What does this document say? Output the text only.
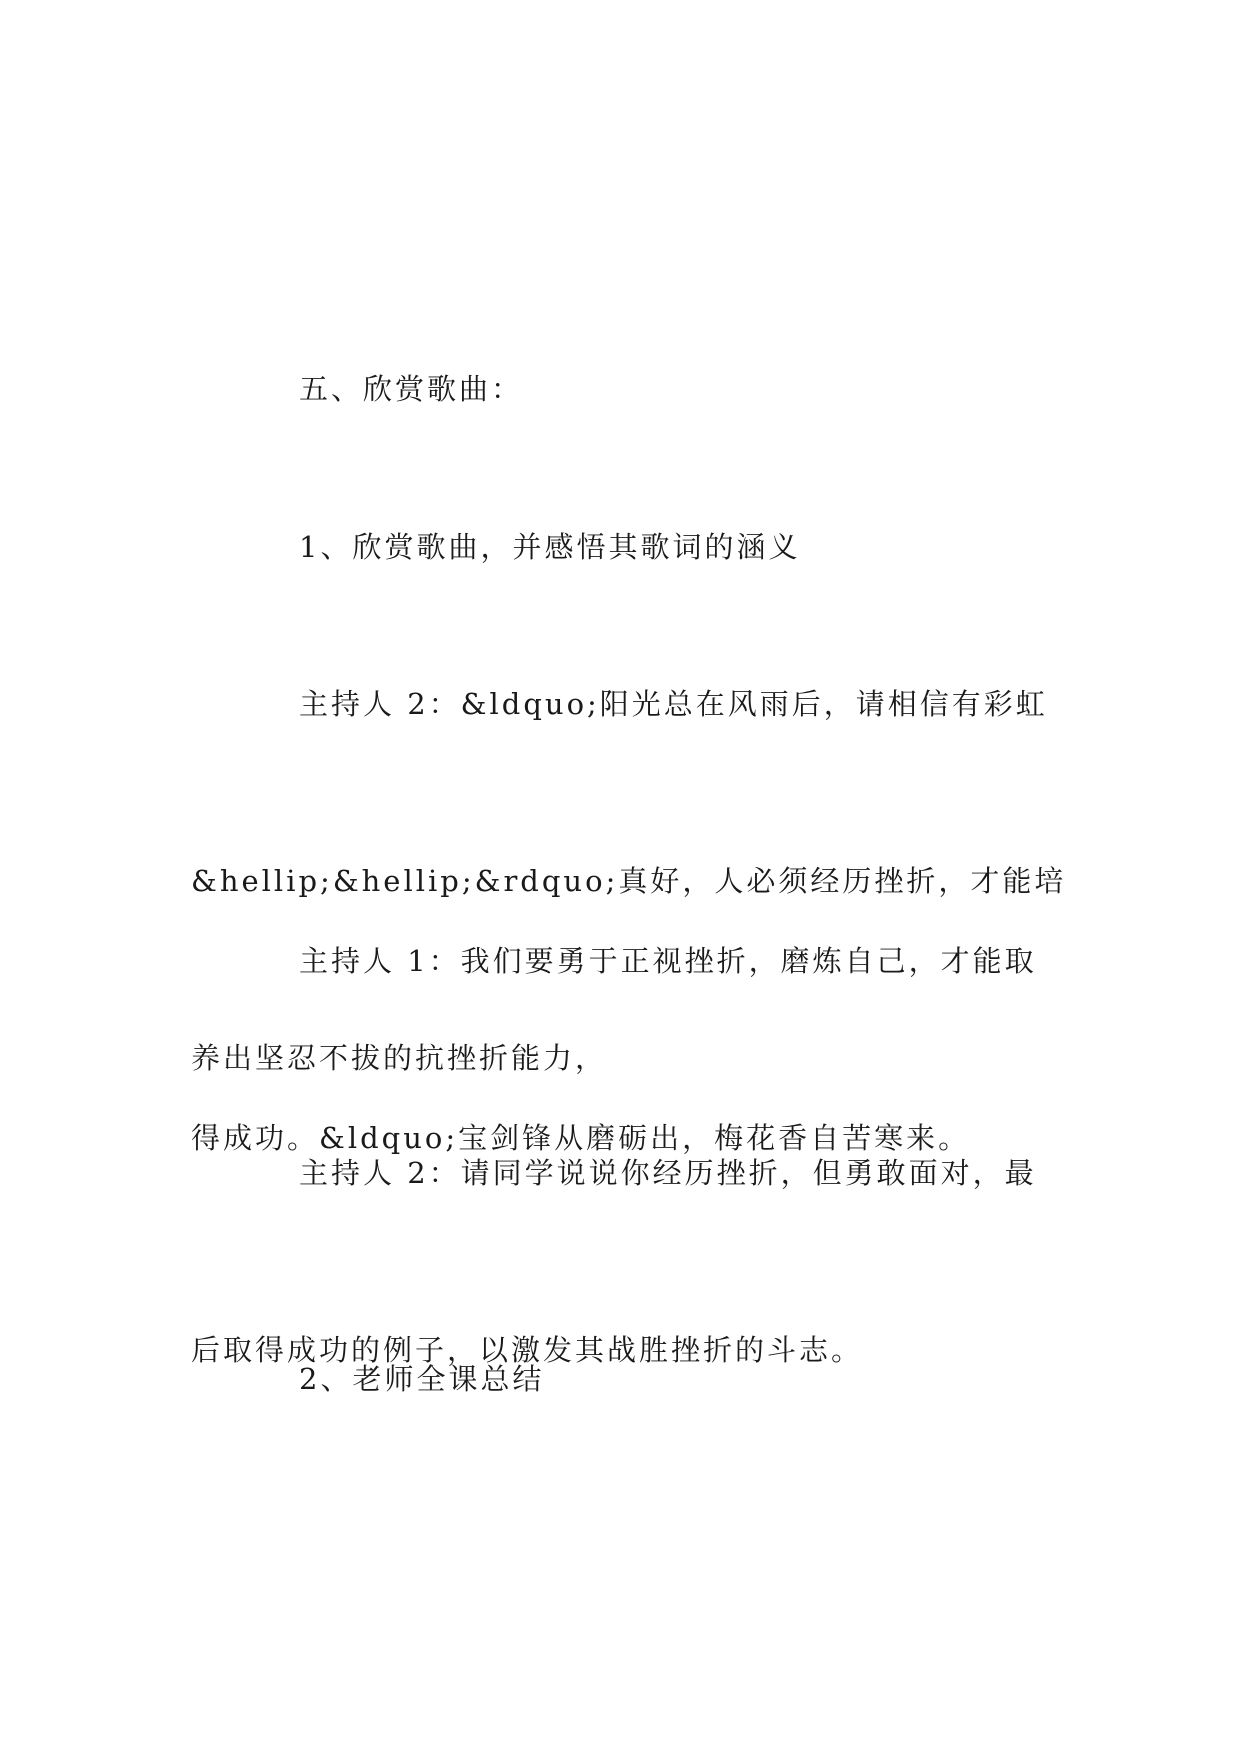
五、欣赏歌曲：

1、欣赏歌曲，并感悟其歌词的涵义

主持人 2：&ldquo;阳光总在风雨后，请相信有彩虹

&hellip;&hellip;&rdquo;真好，人必须经历挫折，才能培

养出坚忍不拔的抗挫折能力，

主持人 1：我们要勇于正视挫折，磨炼自己，才能取

得成功。&ldquo;宝剑锋从磨砺出，梅花香自苦寒来。

主持人 2：请同学说说你经历挫折，但勇敢面对，最

后取得成功的例子，以激发其战胜挫折的斗志。

2、老师全课总结
